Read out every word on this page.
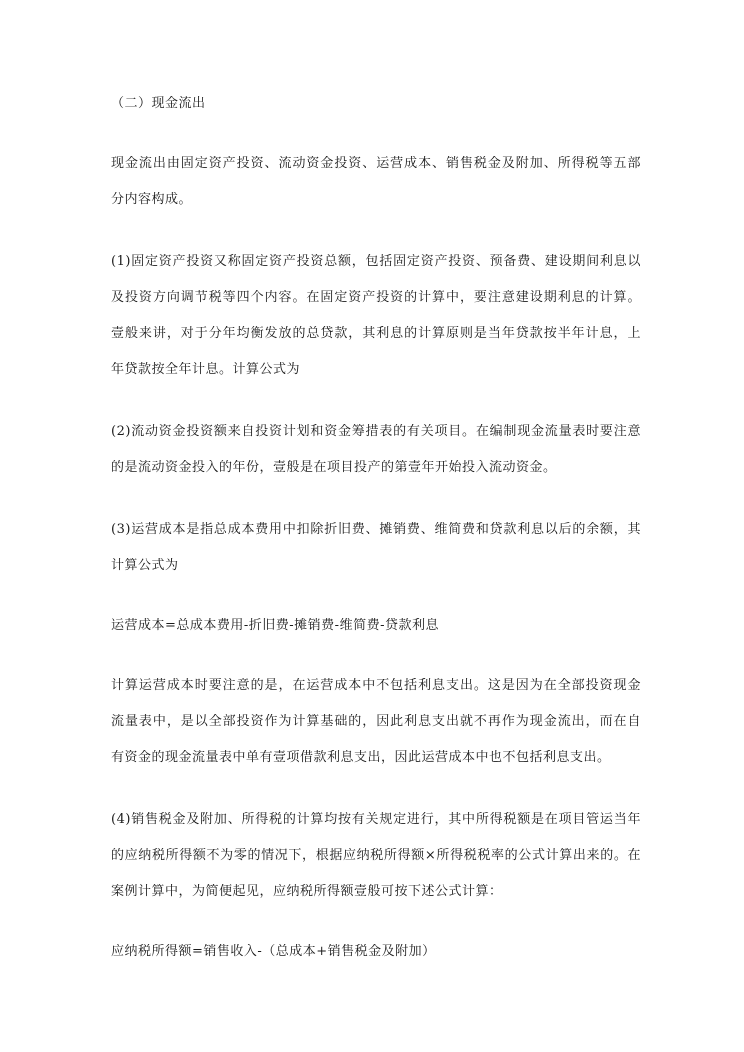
（二）现金流出
现金流出由固定资产投资、流动资金投资、运营成本、销售税金及附加、所得税等五部
分内容构成。
(1)固定资产投资又称固定资产投资总额，包括固定资产投资、预备费、建设期间利息以
及投资方向调节税等四个内容。在固定资产投资的计算中，要注意建设期利息的计算。
壹般来讲，对于分年均衡发放的总贷款，其利息的计算原则是当年贷款按半年计息，上
年贷款按全年计息。计算公式为
(2)流动资金投资额来自投资计划和资金筹措表的有关项目。在编制现金流量表时要注意
的是流动资金投入的年份，壹般是在项目投产的第壹年开始投入流动资金。
(3)运营成本是指总成本费用中扣除折旧费、摊销费、维简费和贷款利息以后的余额，其
计算公式为
运营成本=总成本费用-折旧费-摊销费-维简费-贷款利息
计算运营成本时要注意的是，在运营成本中不包括利息支出。这是因为在全部投资现金
流量表中，是以全部投资作为计算基础的，因此利息支出就不再作为现金流出，而在自
有资金的现金流量表中单有壹项借款利息支出，因此运营成本中也不包括利息支出。
(4)销售税金及附加、所得税的计算均按有关规定进行，其中所得税额是在项目管运当年
的应纳税所得额不为零的情况下，根据应纳税所得额×所得税税率的公式计算出来的。在
案例计算中，为简便起见，应纳税所得额壹般可按下述公式计算：
应纳税所得额=销售收入-（总成本+销售税金及附加）
